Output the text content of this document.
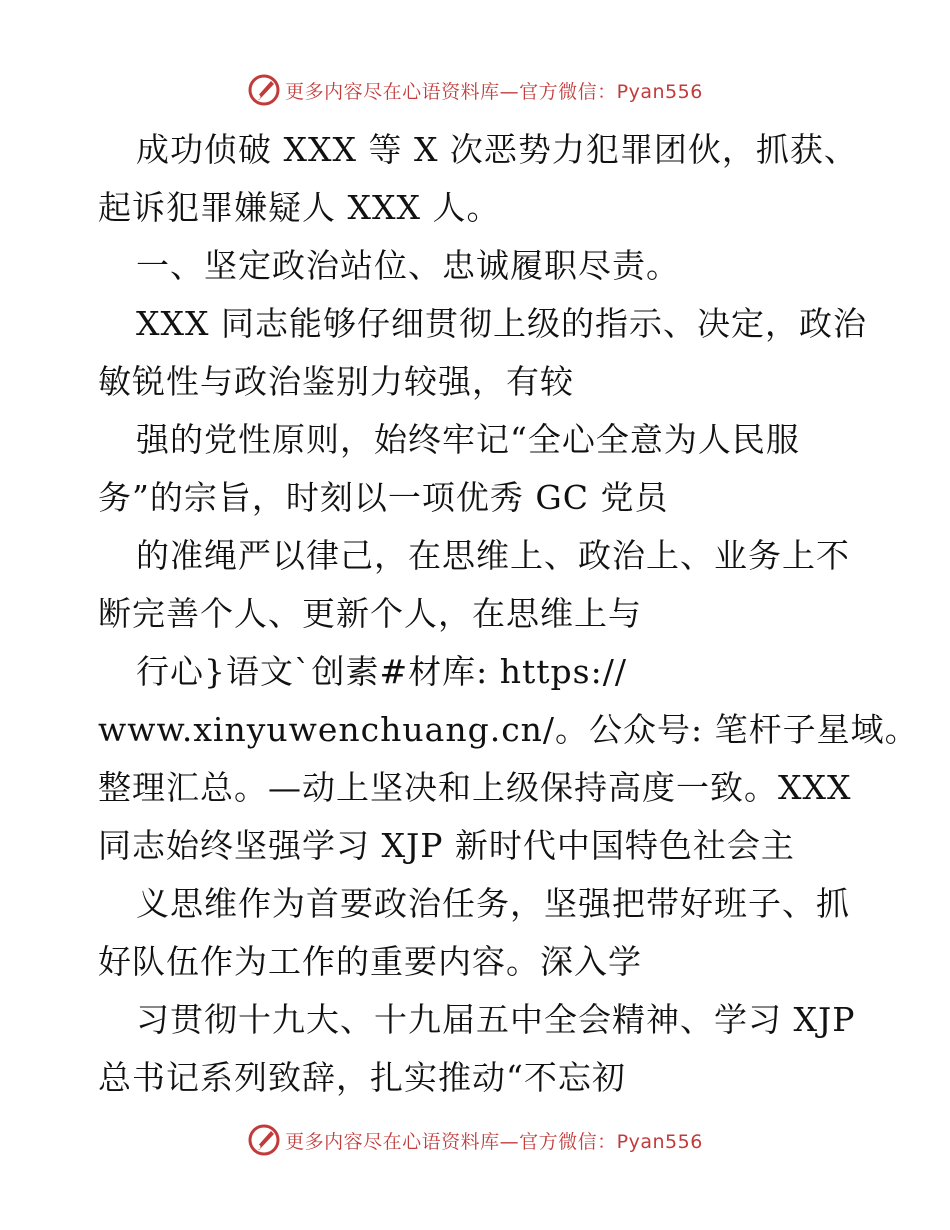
更多内容尽在心语资料库—官方微信：Pyan556
成功侦破 XXX 等 X 次恶势力犯罪团伙，抓获、
起诉犯罪嫌疑人 XXX 人。
一、坚定政治站位、忠诚履职尽责。
XXX 同志能够仔细贯彻上级的指示、决定，政治
敏锐性与政治鉴别力较强，有较
强的党性原则，始终牢记“全心全意为人民服
务”的宗旨，时刻以一项优秀 GC 党员
的准绳严以律己，在思维上、政治上、业务上不
断完善个人、更新个人，在思维上与
行心}语文`创素#材库: https://
www.xinyuwenchuang.cn/。公众号: 笔杆子星域。
整理汇总。—动上坚决和上级保持高度一致。XXX
同志始终坚强学习 XJP 新时代中国特色社会主
义思维作为首要政治任务，坚强把带好班子、抓
好队伍作为工作的重要内容。深入学
习贯彻十九大、十九届五中全会精神、学习 XJP
总书记系列致辞，扎实推动“不忘初
更多内容尽在心语资料库—官方微信：Pyan556
